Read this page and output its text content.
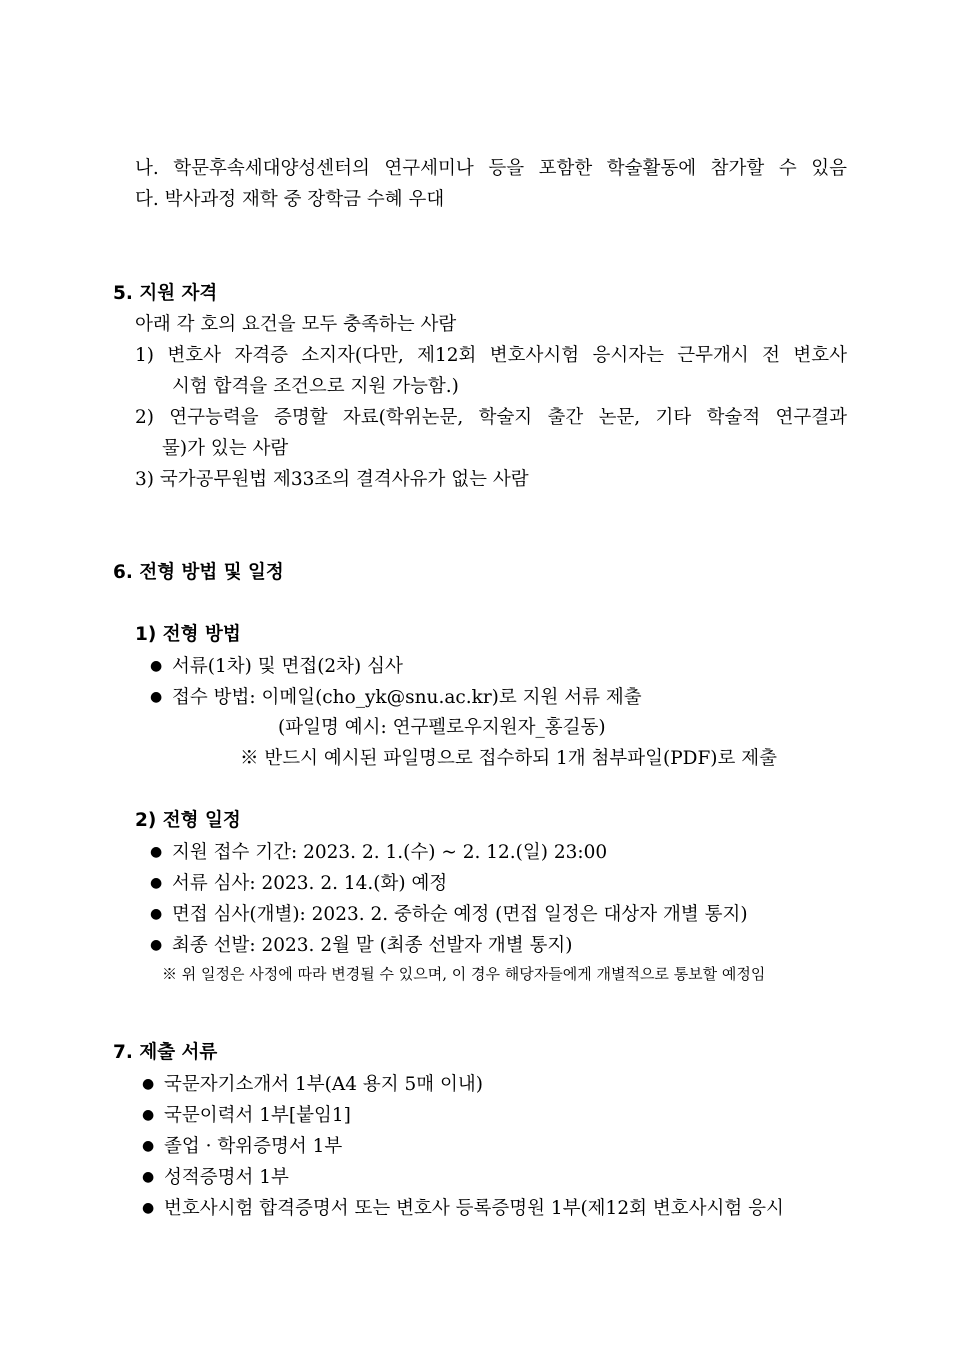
나. 학문후속세대양성센터의 연구세미나 등을 포함한 학술활동에 참가할 수 있음
다. 박사과정 재학 중 장학금 수혜 우대
5. 지원 자격
아래 각 호의 요건을 모두 충족하는 사람
1) 변호사 자격증 소지자(다만, 제12회 변호사시험 응시자는 근무개시 전 변호사
시험 합격을 조건으로 지원 가능함.)
2) 연구능력을 증명할 자료(학위논문, 학술지 출간 논문, 기타 학술적 연구결과
물)가 있는 사람
3) 국가공무원법 제33조의 결격사유가 없는 사람
6. 전형 방법 및 일정
1) 전형 방법
● 서류(1차) 및 면접(2차) 심사
● 접수 방법: 이메일(cho_yk@snu.ac.kr)로 지원 서류 제출
(파일명 예시: 연구펠로우지원자_홍길동)
※ 반드시 예시된 파일명으로 접수하되 1개 첨부파일(PDF)로 제출
2) 전형 일정
● 지원 접수 기간: 2023. 2. 1.(수) ~ 2. 12.(일) 23:00
● 서류 심사: 2023. 2. 14.(화) 예정
● 면접 심사(개별): 2023. 2. 중하순 예정 (면접 일정은 대상자 개별 통지)
● 최종 선발: 2023. 2월 말 (최종 선발자 개별 통지)
※ 위 일정은 사정에 따라 변경될 수 있으며, 이 경우 해당자들에게 개별적으로 통보할 예정임
7. 제출 서류
● 국문자기소개서 1부(A4 용지 5매 이내)
● 국문이력서 1부[붙임1]
● 졸업 · 학위증명서 1부
● 성적증명서 1부
● 번호사시험 합격증명서 또는 변호사 등록증명원 1부(제12회 변호사시험 응시
